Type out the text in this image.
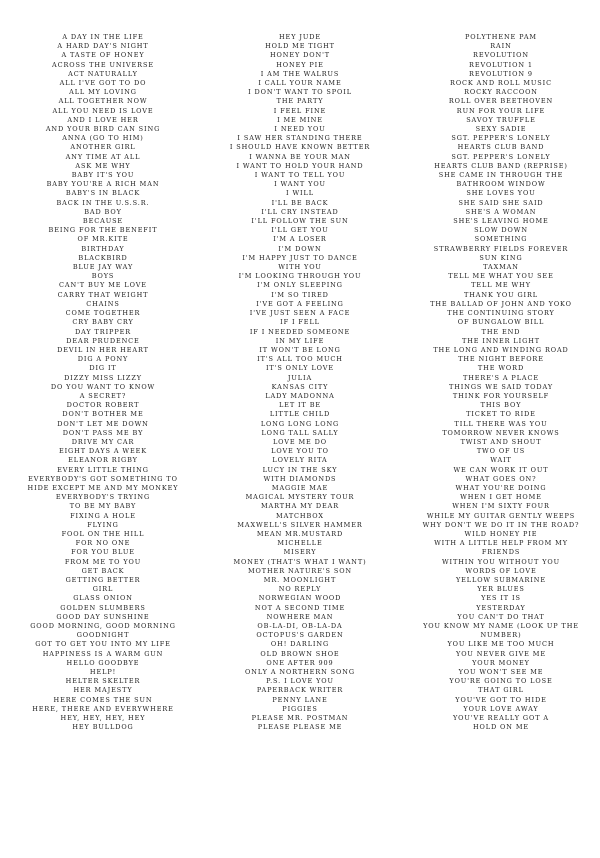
A DAY IN THE LIFE
A HARD DAY'S NIGHT
A TASTE OF HONEY
ACROSS THE UNIVERSE
ACT NATURALLY
ALL I'VE GOT TO DO
ALL MY LOVING
ALL TOGETHER NOW
ALL YOU NEED IS LOVE
AND I LOVE HER
AND YOUR BIRD CAN SING
ANNA (GO TO HIM)
ANOTHER GIRL
ANY TIME AT ALL
ASK ME WHY
BABY IT'S YOU
BABY YOU'RE A RICH MAN
BABY'S IN BLACK
BACK IN THE U.S.S.R.
BAD BOY
BECAUSE
BEING FOR THE BENEFIT
OF MR.KITE
BIRTHDAY
BLACKBIRD
BLUE JAY WAY
BOYS
CAN'T BUY ME LOVE
CARRY THAT WEIGHT
CHAINS
COME TOGETHER
CRY BABY CRY
DAY TRIPPER
DEAR PRUDENCE
DEVIL IN HER HEART
DIG A PONY
DIG IT
DIZZY MISS LIZZY
DO YOU WANT TO KNOW
A SECRET?
DOCTOR ROBERT
DON'T BOTHER ME
DON'T LET ME DOWN
DON'T PASS ME BY
DRIVE MY CAR
EIGHT DAYS A WEEK
ELEANOR RIGBY
EVERY LITTLE THING
EVERYBODY'S GOT SOMETHING TO
HIDE EXCEPT ME AND MY MONKEY
EVERYBODY'S TRYING
TO BE MY BABY
FIXING A HOLE
FLYING
FOOL ON THE HILL
FOR NO ONE
FOR YOU BLUE
FROM ME TO YOU
GET BACK
GETTING BETTER
GIRL
GLASS ONION
GOLDEN SLUMBERS
GOOD DAY SUNSHINE
GOOD MORNING, GOOD MORNING
GOODNIGHT
GOT TO GET YOU INTO MY LIFE
HAPPINESS IS A WARM GUN
HELLO GOODBYE
HELP!
HELTER SKELTER
HER MAJESTY
HERE COMES THE SUN
HERE, THERE AND EVERYWHERE
HEY, HEY, HEY, HEY
HEY BULLDOG
HEY JUDE
HOLD ME TIGHT
HONEY DON'T
HONEY PIE
I AM THE WALRUS
I CALL YOUR NAME
I DON'T WANT TO SPOIL
THE PARTY
I FEEL FINE
I ME MINE
I NEED YOU
I SAW HER STANDING THERE
I SHOULD HAVE KNOWN BETTER
I WANNA BE YOUR MAN
I WANT TO HOLD YOUR HAND
I WANT TO TELL YOU
I WANT YOU
I WILL
I'LL BE BACK
I'LL CRY INSTEAD
I'LL FOLLOW THE SUN
I'LL GET YOU
I'M A LOSER
I'M DOWN
I'M HAPPY JUST TO DANCE
WITH YOU
I'M LOOKING THROUGH YOU
I'M ONLY SLEEPING
I'M SO TIRED
I'VE GOT A FEELING
I'VE JUST SEEN A FACE
IF I FELL
IF I NEEDED SOMEONE
IN MY LIFE
IT WON'T BE LONG
IT'S ALL TOO MUCH
IT'S ONLY LOVE
JULIA
KANSAS CITY
LADY MADONNA
LET IT BE
LITTLE CHILD
LONG LONG LONG
LONG TALL SALLY
LOVE ME DO
LOVE YOU TO
LOVELY RITA
LUCY IN THE SKY
WITH DIAMONDS
MAGGIE MAE
MAGICAL MYSTERY TOUR
MARTHA MY DEAR
MATCHBOX
MAXWELL'S SILVER HAMMER
MEAN MR.MUSTARD
MICHELLE
MISERY
MONEY (THAT'S WHAT I WANT)
MOTHER NATURE'S SON
MR. MOONLIGHT
NO REPLY
NORWEGIAN WOOD
NOT A SECOND TIME
NOWHERE MAN
OB-LA-DI, OB-LA-DA
OCTOPUS'S GARDEN
OH! DARLING
OLD BROWN SHOE
ONE AFTER 909
ONLY A NORTHERN SONG
P.S. I LOVE YOU
PAPERBACK WRITER
PENNY LANE
PIGGIES
PLEASE MR. POSTMAN
PLEASE PLEASE ME
POLYTHENE PAM
RAIN
REVOLUTION
REVOLUTION 1
REVOLUTION 9
ROCK AND ROLL MUSIC
ROCKY RACCOON
ROLL OVER BEETHOVEN
RUN FOR YOUR LIFE
SAVOY TRUFFLE
SEXY SADIE
SGT. PEPPER'S LONELY
HEARTS CLUB BAND
SGT. PEPPER'S LONELY
HEARTS CLUB BAND (REPRISE)
SHE CAME IN THROUGH THE
BATHROOM WINDOW
SHE LOVES YOU
SHE SAID SHE SAID
SHE'S A WOMAN
SHE'S LEAVING HOME
SLOW DOWN
SOMETHING
STRAWBERRY FIELDS FOREVER
SUN KING
TAXMAN
TELL ME WHAT YOU SEE
TELL ME WHY
THANK YOU GIRL
THE BALLAD OF JOHN AND YOKO
THE CONTINUING STORY
OF BUNGALOW BILL
THE END
THE INNER LIGHT
THE LONG AND WINDING ROAD
THE NIGHT BEFORE
THE WORD
THERE'S A PLACE
THINGS WE SAID TODAY
THINK FOR YOURSELF
THIS BOY
TICKET TO RIDE
TILL THERE WAS YOU
TOMORROW NEVER KNOWS
TWIST AND SHOUT
TWO OF US
WAIT
WE CAN WORK IT OUT
WHAT GOES ON?
WHAT YOU'RE DOING
WHEN I GET HOME
WHEN I'M SIXTY FOUR
WHILE MY GUITAR GENTLY WEEPS
WHY DON'T WE DO IT IN THE ROAD?
WILD HONEY PIE
WITH A LITTLE HELP FROM MY
FRIENDS
WITHIN YOU WITHOUT YOU
WORDS OF LOVE
YELLOW SUBMARINE
YER BLUES
YES IT IS
YESTERDAY
YOU CAN'T DO THAT
YOU KNOW MY NAME (LOOK UP THE
NUMBER)
YOU LIKE ME TOO MUCH
YOU NEVER GIVE ME
YOUR MONEY
YOU WON'T SEE ME
YOU'RE GOING TO LOSE
THAT GIRL
YOU'VE GOT TO HIDE
YOUR LOVE AWAY
YOU'VE REALLY GOT A
HOLD ON ME
